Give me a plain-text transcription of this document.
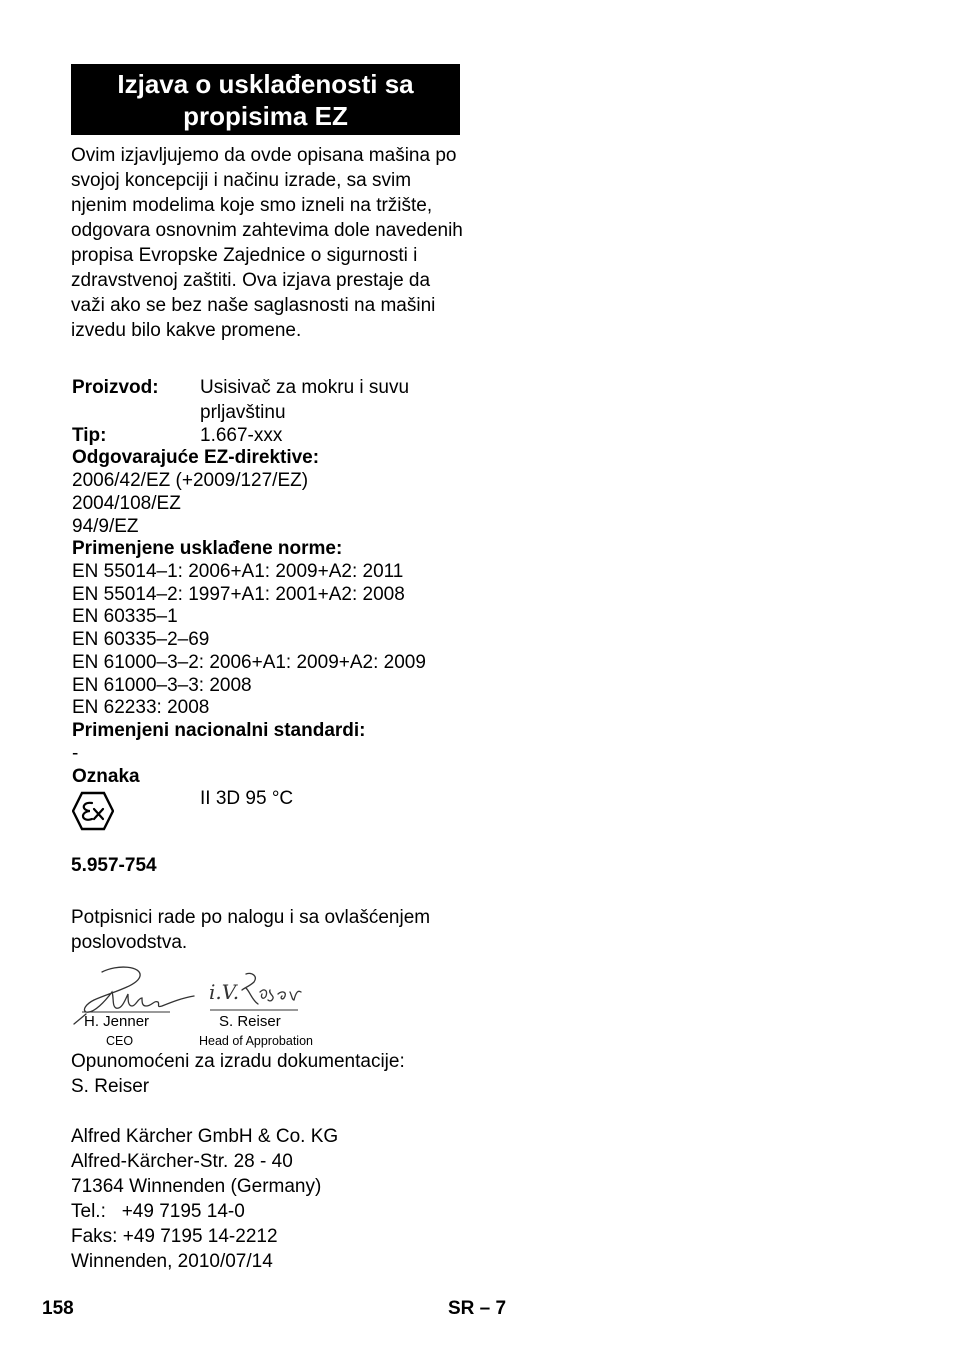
Izjava o usklađenosti sa
propisima EZ
Ovim izjavljujemo da ovde opisana mašina po svojoj koncepciji i načinu izrade, sa svim njenim modelima koje smo izneli na tržište, odgovara osnovnim zahtevima dole navedenih propisa Evropske Zajednice o sigurnosti i zdravstvenoj zaštiti. Ova izjava prestaje da važi ako se bez naše saglasnosti na mašini izvedu bilo kakve promene.
Proizvod: Usisivač za mokru i suvu
prljavštinu
Tip:	1.667-xxx
Odgovarajuće EZ-direktive:
2006/42/EZ (+2009/127/EZ)
2004/108/EZ
94/9/EZ
Primenjene usklađene norme:
EN 55014–1: 2006+A1: 2009+A2: 2011
EN 55014–2: 1997+A1: 2001+A2: 2008
EN 60335–1
EN 60335–2–69
EN 61000–3–2: 2006+A1: 2009+A2: 2009
EN 61000–3–3: 2008
EN 62233: 2008
Primenjeni nacionalni standardi:
-
Oznaka
II 3D 95 °C
5.957-754
Potpisnici rade po nalogu i sa ovlašćenjem
poslovodstva.
i.V.
H. Jenner	S. Reiser
CEO	Head of Approbation
Opunomoćeni za izradu dokumentacije:
S. Reiser
Alfred Kärcher GmbH & Co. KG
Alfred-Kärcher-Str. 28 - 40
71364 Winnenden (Germany)
Tel.: +49 7195 14-0
Faks: +49 7195 14-2212
Winnenden, 2010/07/14
158	SR – 7
